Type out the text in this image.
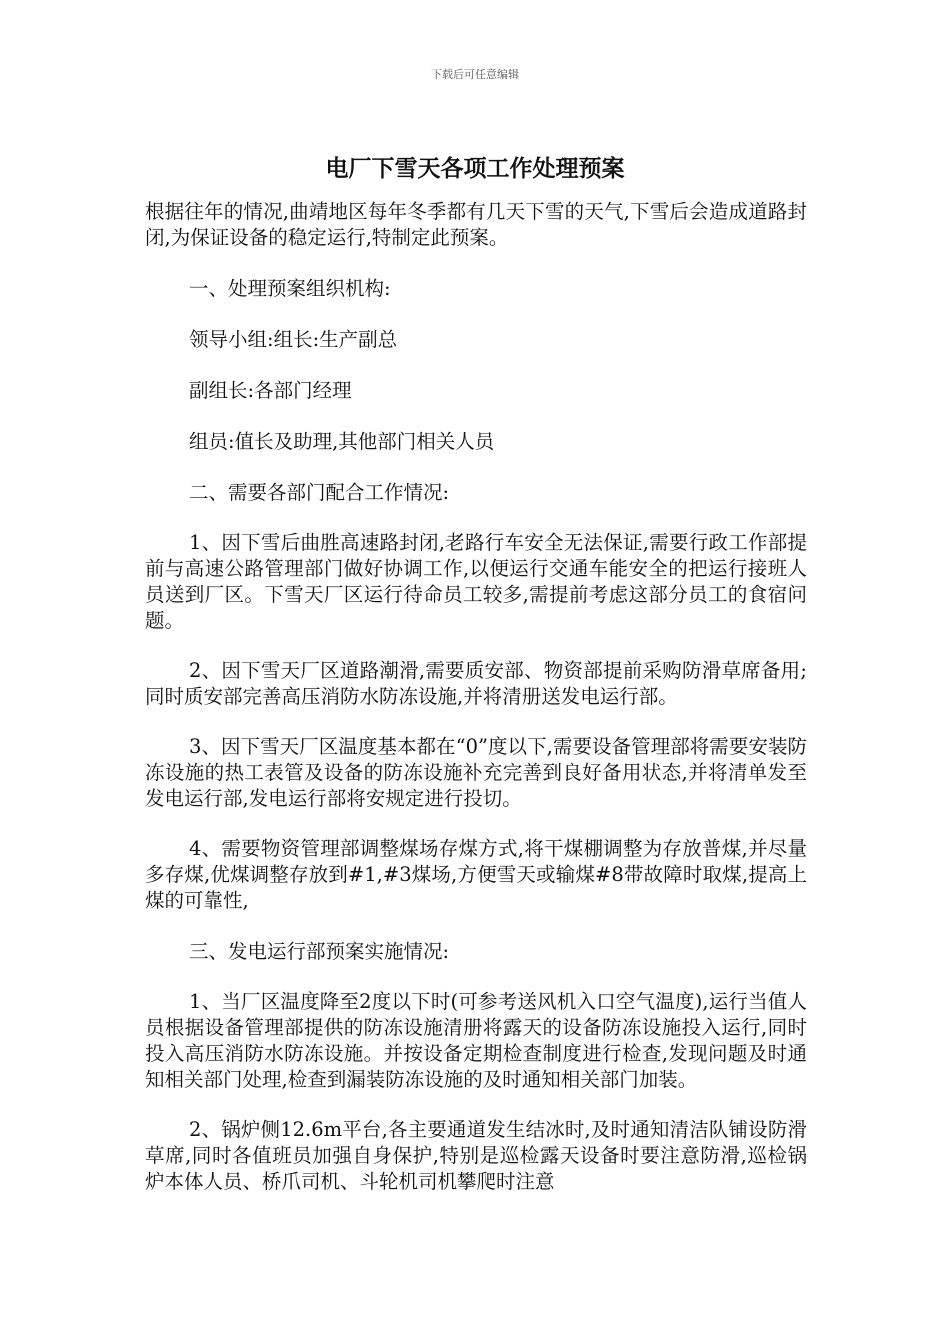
下载后可任意编辑
电厂下雪天各项工作处理预案

根据往年的情况,曲靖地区每年冬季都有几天下雪的天气,下雪后会造成道路封闭,为保证设备的稳定运行,特制定此预案。

一、处理预案组织机构:

领导小组:组长:生产副总

副组长:各部门经理

组员:值长及助理,其他部门相关人员

二、需要各部门配合工作情况:

1、因下雪后曲胜高速路封闭,老路行车安全无法保证,需要行政工作部提前与高速公路管理部门做好协调工作,以便运行交通车能安全的把运行接班人员送到厂区。下雪天厂区运行待命员工较多,需提前考虑这部分员工的食宿问题。

2、因下雪天厂区道路潮滑,需要质安部、物资部提前采购防滑草席备用;同时质安部完善高压消防水防冻设施,并将清册送发电运行部。

3、因下雪天厂区温度基本都在“0”度以下,需要设备管理部将需要安装防冻设施的热工表管及设备的防冻设施补充完善到良好备用状态,并将清单发至发电运行部,发电运行部将安规定进行投切。

4、需要物资管理部调整煤场存煤方式,将干煤棚调整为存放普煤,并尽量多存煤,优煤调整存放到#1,#3煤场,方便雪天或输煤#8带故障时取煤,提高上煤的可靠性,

三、发电运行部预案实施情况:

1、当厂区温度降至2度以下时(可参考送风机入口空气温度),运行当值人员根据设备管理部提供的防冻设施清册将露天的设备防冻设施投入运行,同时投入高压消防水防冻设施。并按设备定期检查制度进行检查,发现问题及时通知相关部门处理,检查到漏装防冻设施的及时通知相关部门加装。

2、锅炉侧12.6m平台,各主要通道发生结冰时,及时通知清洁队铺设防滑草席,同时各值班员加强自身保护,特别是巡检露天设备时要注意防滑,巡检锅炉本体人员、桥爪司机、斗轮机司机攀爬时注意
